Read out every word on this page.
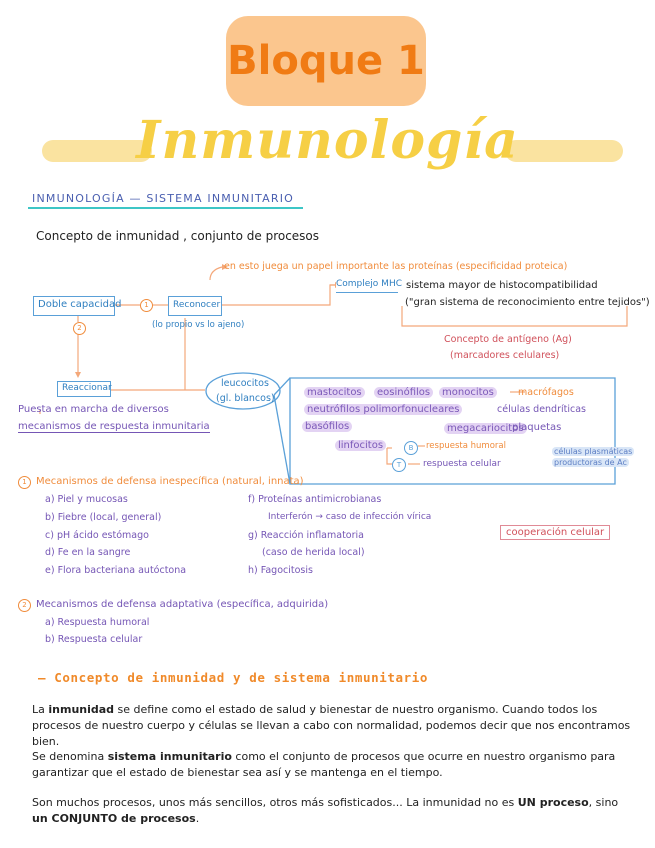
Bloque 1
Inmunología
INMUNOLOGÍA — SISTEMA INMUNITARIO
Concepto de inmunidad , conjunto de procesos
en esto juega un papel importante las proteínas (especificidad proteica)
Doble capacidad	1	Reconocer
(lo propio vs lo ajeno)
Complejo MHC sistema mayor de histocompatibilidad
("gran sistema de reconocimiento entre tejidos")
Concepto de antígeno (Ag)
(marcadores celulares)
2
Reaccionar
Puesta en marcha de diversos
mecanismos de respuesta inmunitaria
leucocitos
(gl. blancos)
mastocitos	eosinófilos	monocitos	macrófagos
neutrófilos polimorfonucleares	células dendríticas
basófilos	megacariocitos
plaquetas
linfocitos	B
T
respuesta humoral
respuesta celular
células plasmáticas
productoras de Ac
1 Mecanismos de defensa inespecífica (natural, innata)
a) Piel y mucosas
b) Fiebre (local, general)
c) pH ácido estómago
d) Fe en la sangre
e) Flora bacteriana autóctona
f) Proteínas antimicrobianas
Interferón → caso de infección vírica
g) Reacción inflamatoria
(caso de herida local)
h) Fagocitosis
cooperación celular
2 Mecanismos de defensa adaptativa (específica, adquirida)
a) Respuesta humoral
b) Respuesta celular
— Concepto de inmunidad y de sistema inmunitario
La inmunidad se define como el estado de salud y bienestar de nuestro organismo. Cuando todos los procesos de nuestro cuerpo y células se llevan a cabo con normalidad, podemos decir que nos encontramos bien.
Se denomina sistema inmunitario como el conjunto de procesos que ocurre en nuestro organismo para garantizar que el estado de bienestar sea así y se mantenga en el tiempo.
Son muchos procesos, unos más sencillos, otros más sofisticados... La inmunidad no es UN proceso, sino un CONJUNTO de procesos.
